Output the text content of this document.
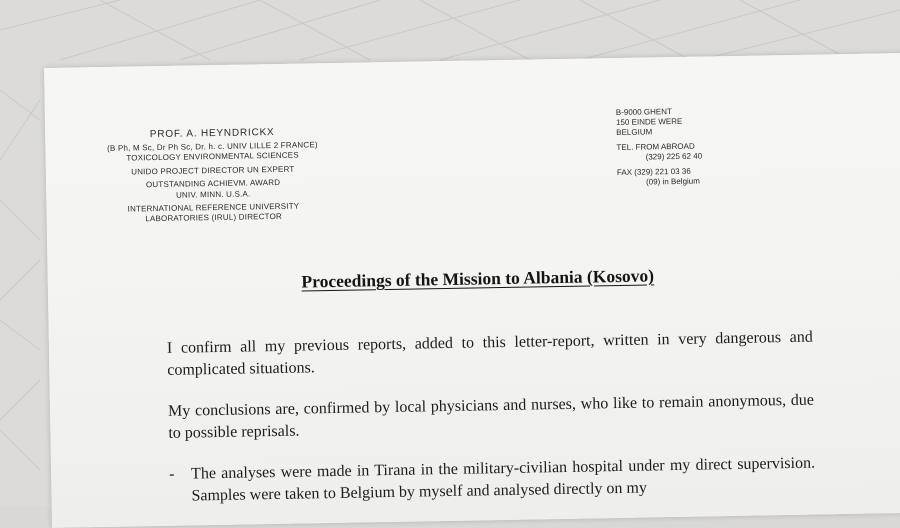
PROF. A. HEYNDRICKX
(B Ph, M Sc, Dr Ph Sc, Dr. h. c. UNIV LILLE 2 FRANCE)
TOXICOLOGY ENVIRONMENTAL SCIENCES
UNIDO PROJECT DIRECTOR UN EXPERT
OUTSTANDING ACHIEVM. AWARD
UNIV. MINN. U.S.A.
INTERNATIONAL REFERENCE UNIVERSITY
LABORATORIES (IRUL) DIRECTOR
B-9000 GHENT
150 EINDE WERE
BELGIUM
TEL. FROM ABROAD
(329) 225 62 40
FAX (329) 221 03 36
(09) in Belgium
Proceedings of the Mission to Albania (Kosovo)

I confirm all my previous reports, added to this letter-report, written in very dangerous and complicated situations.

My conclusions are, confirmed by local physicians and nurses, who like to remain anonymous, due to possible reprisals.

-	The analyses were made in Tirana in the military-civilian hospital under my direct supervision. Samples were taken to Belgium by myself and analysed directly on my
